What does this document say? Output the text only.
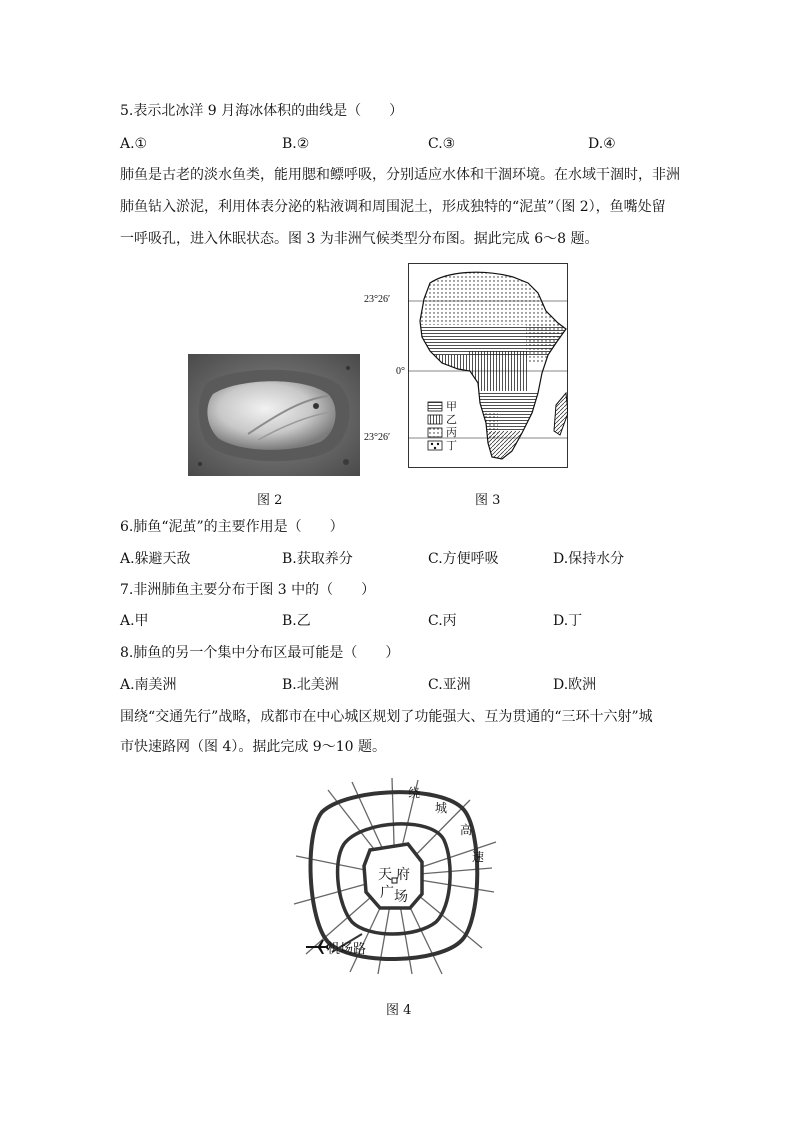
5.表示北冰洋 9 月海冰体积的曲线是（　　）
A.①	B.②	C.③	D.④
肺鱼是古老的淡水鱼类，能用腮和鳔呼吸，分别适应水体和干涸环境。在水域干涸时，非洲
肺鱼钻入淤泥，利用体表分泌的粘液调和周围泥土，形成独特的“泥茧”（图 2），鱼嘴处留
一呼吸孔，进入休眠状态。图 3 为非洲气候类型分布图。据此完成 6～8 题。
图 2
23°26′
0°
23°26′
甲
乙
丙
丁
图 3
6.肺鱼“泥茧”的主要作用是（　　）
A.躲避天敌	B.获取养分	C.方便呼吸	D.保持水分
7.非洲肺鱼主要分布于图 3 中的（　　）
A.甲	B.乙	C.丙	D.丁
8.肺鱼的另一个集中分布区最可能是（　　）
A.南美洲	B.北美洲	C.亚洲	D.欧洲
围绕“交通先行”战略，成都市在中心城区规划了功能强大、互为贯通的“三环十六射”城
市快速路网（图 4）。据此完成 9～10 题。
绕
城
高
速
天 府
广 场
机场路
图 4
